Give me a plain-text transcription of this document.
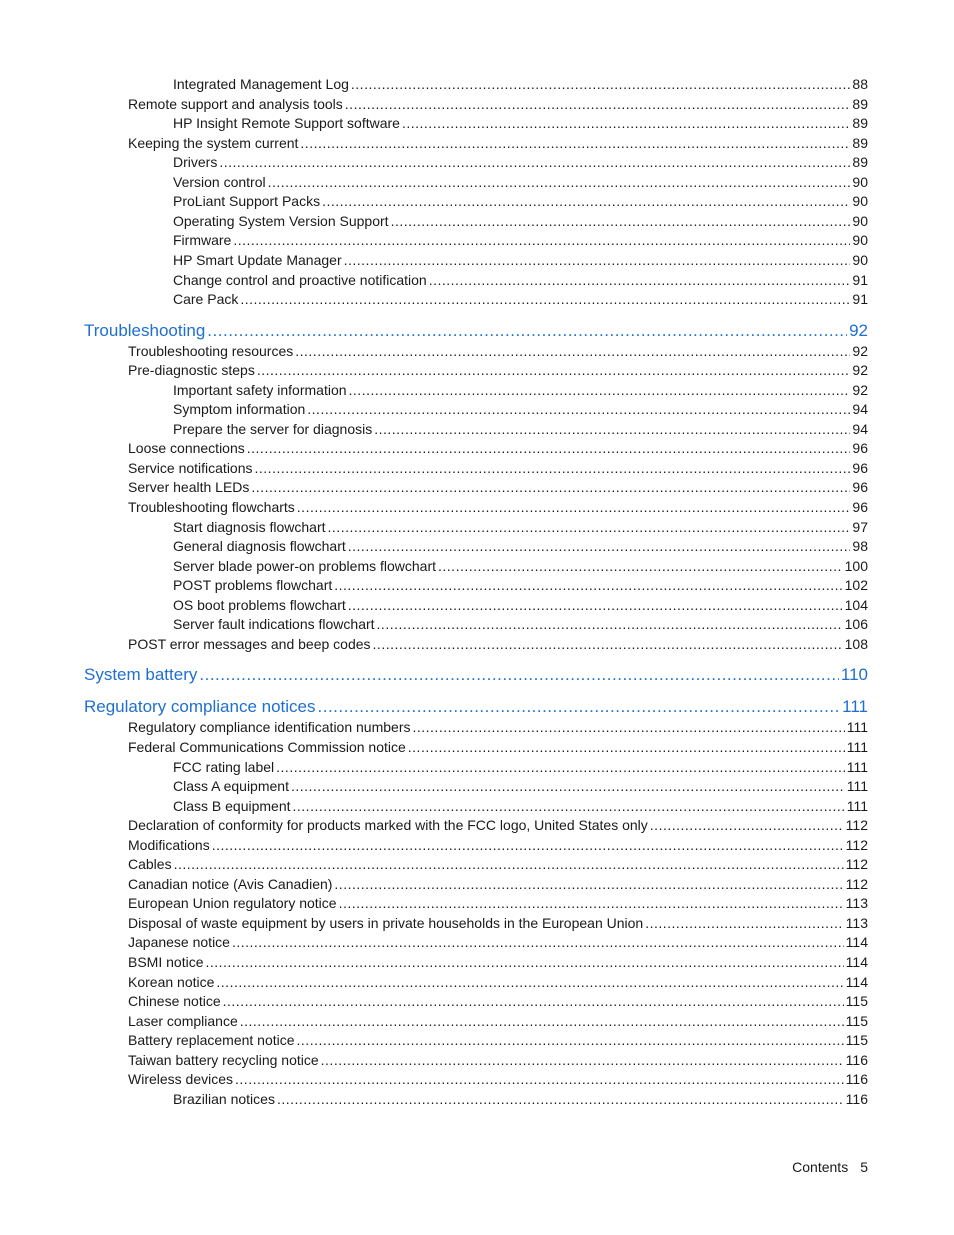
Integrated Management Log .....	88
Remote support and analysis tools .....	89
HP Insight Remote Support software .....	89
Keeping the system current .....	89
Drivers .....	89
Version control .....	90
ProLiant Support Packs .....	90
Operating System Version Support .....	90
Firmware .....	90
HP Smart Update Manager .....	90
Change control and proactive notification .....	91
Care Pack .....	91
Troubleshooting .....	92
Troubleshooting resources .....	92
Pre-diagnostic steps .....	92
Important safety information .....	92
Symptom information .....	94
Prepare the server for diagnosis .....	94
Loose connections .....	96
Service notifications .....	96
Server health LEDs .....	96
Troubleshooting flowcharts .....	96
Start diagnosis flowchart .....	97
General diagnosis flowchart .....	98
Server blade power-on problems flowchart .....	100
POST problems flowchart .....	102
OS boot problems flowchart .....	104
Server fault indications flowchart .....	106
POST error messages and beep codes .....	108
System battery .....	110
Regulatory compliance notices .....	111
Regulatory compliance identification numbers .....	111
Federal Communications Commission notice .....	111
FCC rating label .....	111
Class A equipment .....	111
Class B equipment .....	111
Declaration of conformity for products marked with the FCC logo, United States only .....	112
Modifications .....	112
Cables .....	112
Canadian notice (Avis Canadien) .....	112
European Union regulatory notice .....	113
Disposal of waste equipment by users in private households in the European Union .....	113
Japanese notice .....	114
BSMI notice .....	114
Korean notice .....	114
Chinese notice .....	115
Laser compliance .....	115
Battery replacement notice .....	115
Taiwan battery recycling notice .....	116
Wireless devices .....	116
Brazilian notices .....	116
Contents 5
